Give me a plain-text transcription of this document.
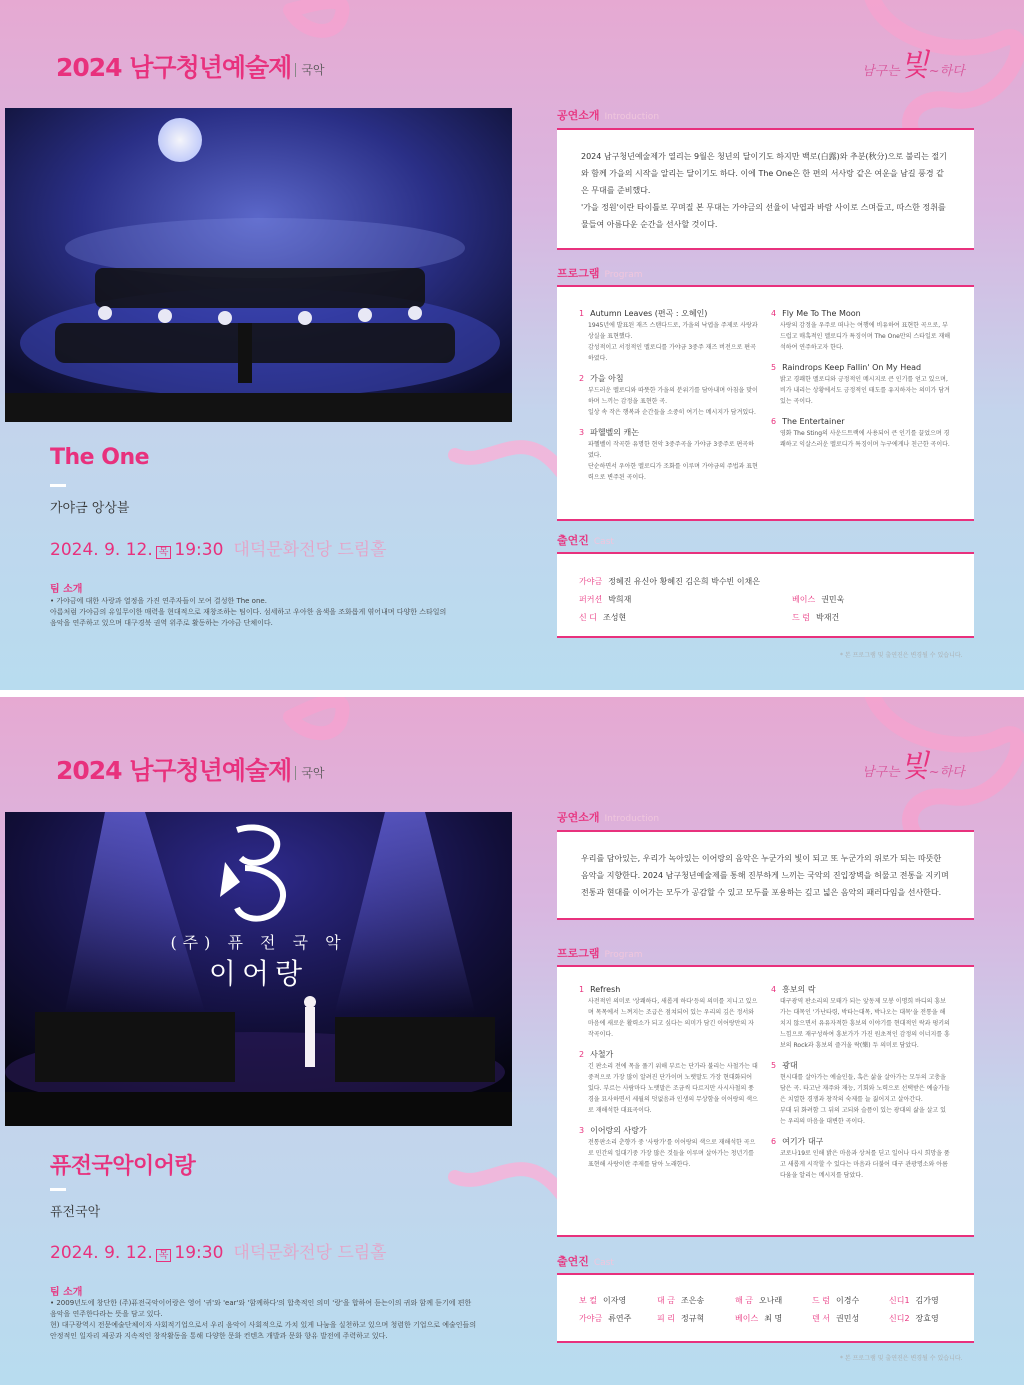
2024 남구청년예술제 국악	남구는빛~하다
The One
가야금 앙상블
2024. 9. 12. 목 19:30 대덕문화전당 드림홀
팀 소개
• 가야금에 대한 사랑과 열정을 가진 연주자들이 모여 결성한 The one.
아름처럼 가야금의 유일무이한 매력을 현대적으로 재창조하는 팀이다. 섬세하고 우아한 음색을 조화롭게 엮어내며 다양한 스타일의
음악을 연주하고 있으며 대구경북 권역 위주로 활동하는 가야금 단체이다.
공연소개 Introduction
2024 남구청년예술제가 열리는 9월은 청년의 달이기도 하지만 백로(白露)와 추분(秋分)으로 불리는 절기와 함께 가을의 시작을 알리는 달이기도 하다. 이에 The One은 한 편의 서사랑 같은 여운을 남길 풍경 같은 무대를 준비했다.
'가을 정원'이란 타이틀로 꾸며질 본 무대는 가야금의 선율이 낙엽과 바람 사이로 스며들고, 따스한 정취를 물들여 아름다운 순간을 선사할 것이다.
프로그램 Program
1 Autumn Leaves (편곡 : 오혜인)
1945년에 발표된 재즈 스탠다드로, 가을의 낙엽을 주제로 사랑과 상실을 표현했다.
감성적이고 서정적인 멜로디를 가야금 3중주 재즈 버전으로 편곡하였다.
2 가을 아침
부드러운 멜로디와 따뜻한 가을의 분위기를 담아내며 아침을 맞이하며 느끼는 감정을 표현한 곡.
일상 속 작은 행복과 순간들을 소중히 여기는 메시지가 담겨있다.
3 파헬벨의 캐논
파헬벨이 작곡한 유명한 현악 3중주곡을 가야금 3중주로 편곡하였다.
단순하면서 우아한 멜로디가 조화를 이루며 가야금의 주법과 표현력으로 변주된 곡이다.
4 Fly Me To The Moon
사랑의 감정을 우주로 떠나는 여행에 비유하여 표현한 곡으로, 부드럽고 매혹적인 멜로디가 특징이며 The One만의 스타일로 재해석하여 연주하고자 한다.
5 Raindrops Keep Fallin' On My Head
밝고 경쾌한 멜로디와 긍정적인 메시지로 큰 인기를 얻고 있으며, 비가 내리는 상황에서도 긍정적인 태도를 유지하자는 의미가 담겨있는 곡이다.
6 The Entertainer
영화 The Sting의 사운드트랙에 사용되어 큰 인기를 끌었으며 경쾌하고 익살스러운 멜로디가 특징이며 누구에게나 친근한 곡이다.
출연진 Cast
가야금 정혜진 유신아 황혜진 김은희 박수빈 이채은
퍼커션 박희재	베이스 권민욱
신 디 조성현	드 럼 박재건
* 본 프로그램 및 출연진은 변경될 수 있습니다.
2024 남구청년예술제 국악	남구는빛~하다
(주) 퓨 전 국 악
이어랑
퓨전국악이어랑
퓨전국악
2024. 9. 12. 목 19:30 대덕문화전당 드림홀
팀 소개
• 2009년도에 창단한 (주)퓨전국악이어랑은 영어 '귀'와 'ear'와 '함께하다'의 합축적인 의미 '랑'을 합하여 듣는이의 귀와 함께 듣기에 편한 음악을 연주한다라는 뜻을 담고 있다.
현) 대구광역시 전문예술단체이자 사회적기업으로서 우리 음악이 사회적으로 가치 있게 나눔을 실천하고 있으며 청렴한 기업으로 예술인들의 안정적인 일자리 제공과 지속적인 창작활동을 통해 다양한 문화 컨텐츠 개발과 문화 향유 발전에 주력하고 있다.
공연소개 Introduction
우리를 담아있는, 우리가 녹아있는 이어랑의 음악은 누군가의 빛이 되고 또 누군가의 위로가 되는 따뜻한 음악을 지향한다. 2024 남구청년예술제를 통해 진부하게 느끼는 국악의 진입장벽을 허물고 전통을 지키며 전통과 현대를 이어가는 모두가 공감할 수 있고 모두를 포용하는 깊고 넓은 음악의 패러다임을 선사한다.
프로그램 Program
1 Refresh
사전적인 의미로 '상쾌하다, 새롭게 하다'등의 의미를 지니고 있으며 목목에서 느껴지는 조급은 점쳐되어 있는 우리의 깊은 정서와 마음에 새로운 활력소가 되고 싶다는 의미가 담긴 이어랑만의 자작곡이다.
2 사철가
긴 판소리 전에 목을 풀기 위해 부르는 단가라 불리는 사철가는 대중적으로 가장 많이 알려진 단가이며 노랫말도 가장 현대화되어 있다. 부르는 사람마다 노랫말은 조금씩 다르지만 사시사철의 풍경을 묘사하면서 세월의 덧없음과 인생의 무상함을 이어랑의 색으로 재해석한 대표곡이다.
3 이어랑의 사랑가
전통판소리 춘향가 중 '사랑가'를 이어랑의 색으로 재해석한 곡으로 민간의 일대기중 가장 많은 것들을 이루며 살아가는 청년기를 표현해 사랑이란 주제를 담아 노래한다.
4 흥보의 락
대구광역 판소리의 모태가 되는 앞동제 모봉 이명희 바디의 흥보가는 대목인 '가난타령, 박타는대목, 박나오는 대목'을 전통을 해치지 않으면서 유유자적한 흥보의 이야기를 현대적인 락과 펑키의 느낌으로 재구성하여 흥보가가 가진 원초적인 감정의 이너지를 흥보의 Rock과 흥보의 즐거울 락(樂) 두 의미로 담았다.
5 광대
현시대를 살아가는 예술인들, 혹은 삶을 살아가는 모두의 고충을 담은 곡. 타고난 재주와 재능, 기회와 노력으로 선택받은 예술가들은 치열한 경쟁과 창작의 숙제를 늘 짊어지고 살아간다.
부대 뒤 화려함 그 뒤의 고되와 슬픔이 있는 광대의 삶을 살고 있는 우리의 마음을 대변한 곡이다.
6 여기가 대구
코로나19로 인해 밝은 마음과 상처를 딛고 일어나 다시 희망을 품고 새롭게 시작할 수 있다는 마음과 더불어 대구 관광명소와 아름다움을 알리는 메시지를 담았다.
출연진 Cast
보 컬 이자영	대 금 조은송	해 금 오나래	드 럼 이경수	신디1 김가영
가야금 류연주	피 리 정규혁	베이스 최 명	덴 서 권민성	신디2 장효영
* 본 프로그램 및 출연진은 변경될 수 있습니다.
